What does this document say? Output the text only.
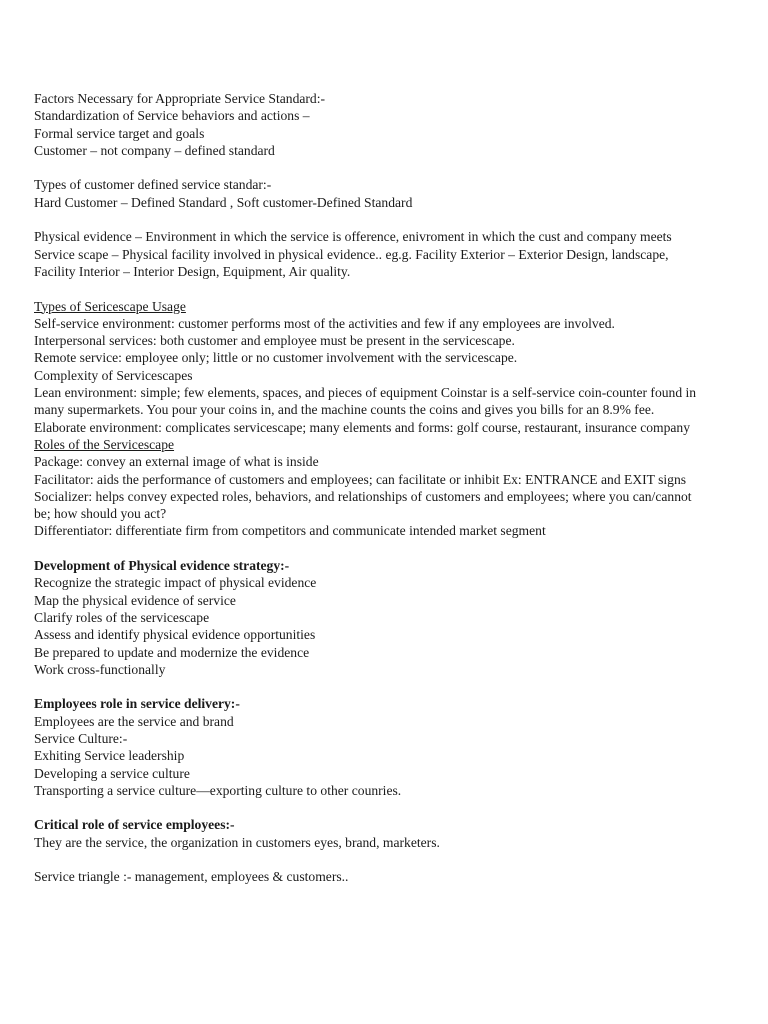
Factors Necessary for Appropriate Service Standard:-
Standardization of Service behaviors and actions –
Formal service target and goals
Customer – not company – defined standard
Types of customer defined service standar:-
Hard Customer – Defined Standard , Soft customer-Defined Standard
Physical evidence – Environment in which the service is ofference, enivroment in which the cust and company meets
Service scape – Physical facility involved in physical evidence.. eg.g. Facility Exterior – Exterior Design, landscape,
Facility Interior – Interior Design, Equipment, Air quality.
Types of Sericescape Usage
Self-service environment: customer performs most of the activities and few if any employees are involved.
Interpersonal services: both customer and employee must be present in the servicescape.
Remote service: employee only; little or no customer involvement with the servicescape.
Complexity of Servicescapes
Lean environment: simple; few elements, spaces, and pieces of equipment Coinstar is a self-service coin-counter found in
many supermarkets. You pour your coins in, and the machine counts the coins and gives you bills for an 8.9% fee.
Elaborate environment: complicates servicescape; many elements and forms: golf course, restaurant, insurance company
Roles of the Servicescape
Package: convey an external image of what is inside
Facilitator: aids the performance of customers and employees; can facilitate or inhibit Ex: ENTRANCE and EXIT signs
Socializer: helps convey expected roles, behaviors, and relationships of customers and employees; where you can/cannot
be; how should you act?
Differentiator: differentiate firm from competitors and communicate intended market segment
Development of Physical evidence strategy:-
Recognize the strategic impact of physical evidence
Map the physical evidence of service
Clarify roles of the servicescape
Assess and identify physical evidence opportunities
Be prepared to update and modernize the evidence
Work cross-functionally
Employees role in service delivery:-
Employees are the service and brand
Service Culture:-
Exhiting Service leadership
Developing a service culture
Transporting a service culture—exporting culture to other counries.
Critical role of service employees:-
They are the service, the organization in customers eyes, brand, marketers.
Service triangle :- management, employees & customers..
